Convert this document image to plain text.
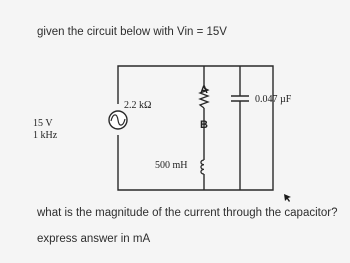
given the circuit below with Vin = 15V
A
B
2.2 kΩ
0.047 µF
500 mH
15 V
1 kHz
what is the magnitude of the current through the capacitor?
express answer in mA
